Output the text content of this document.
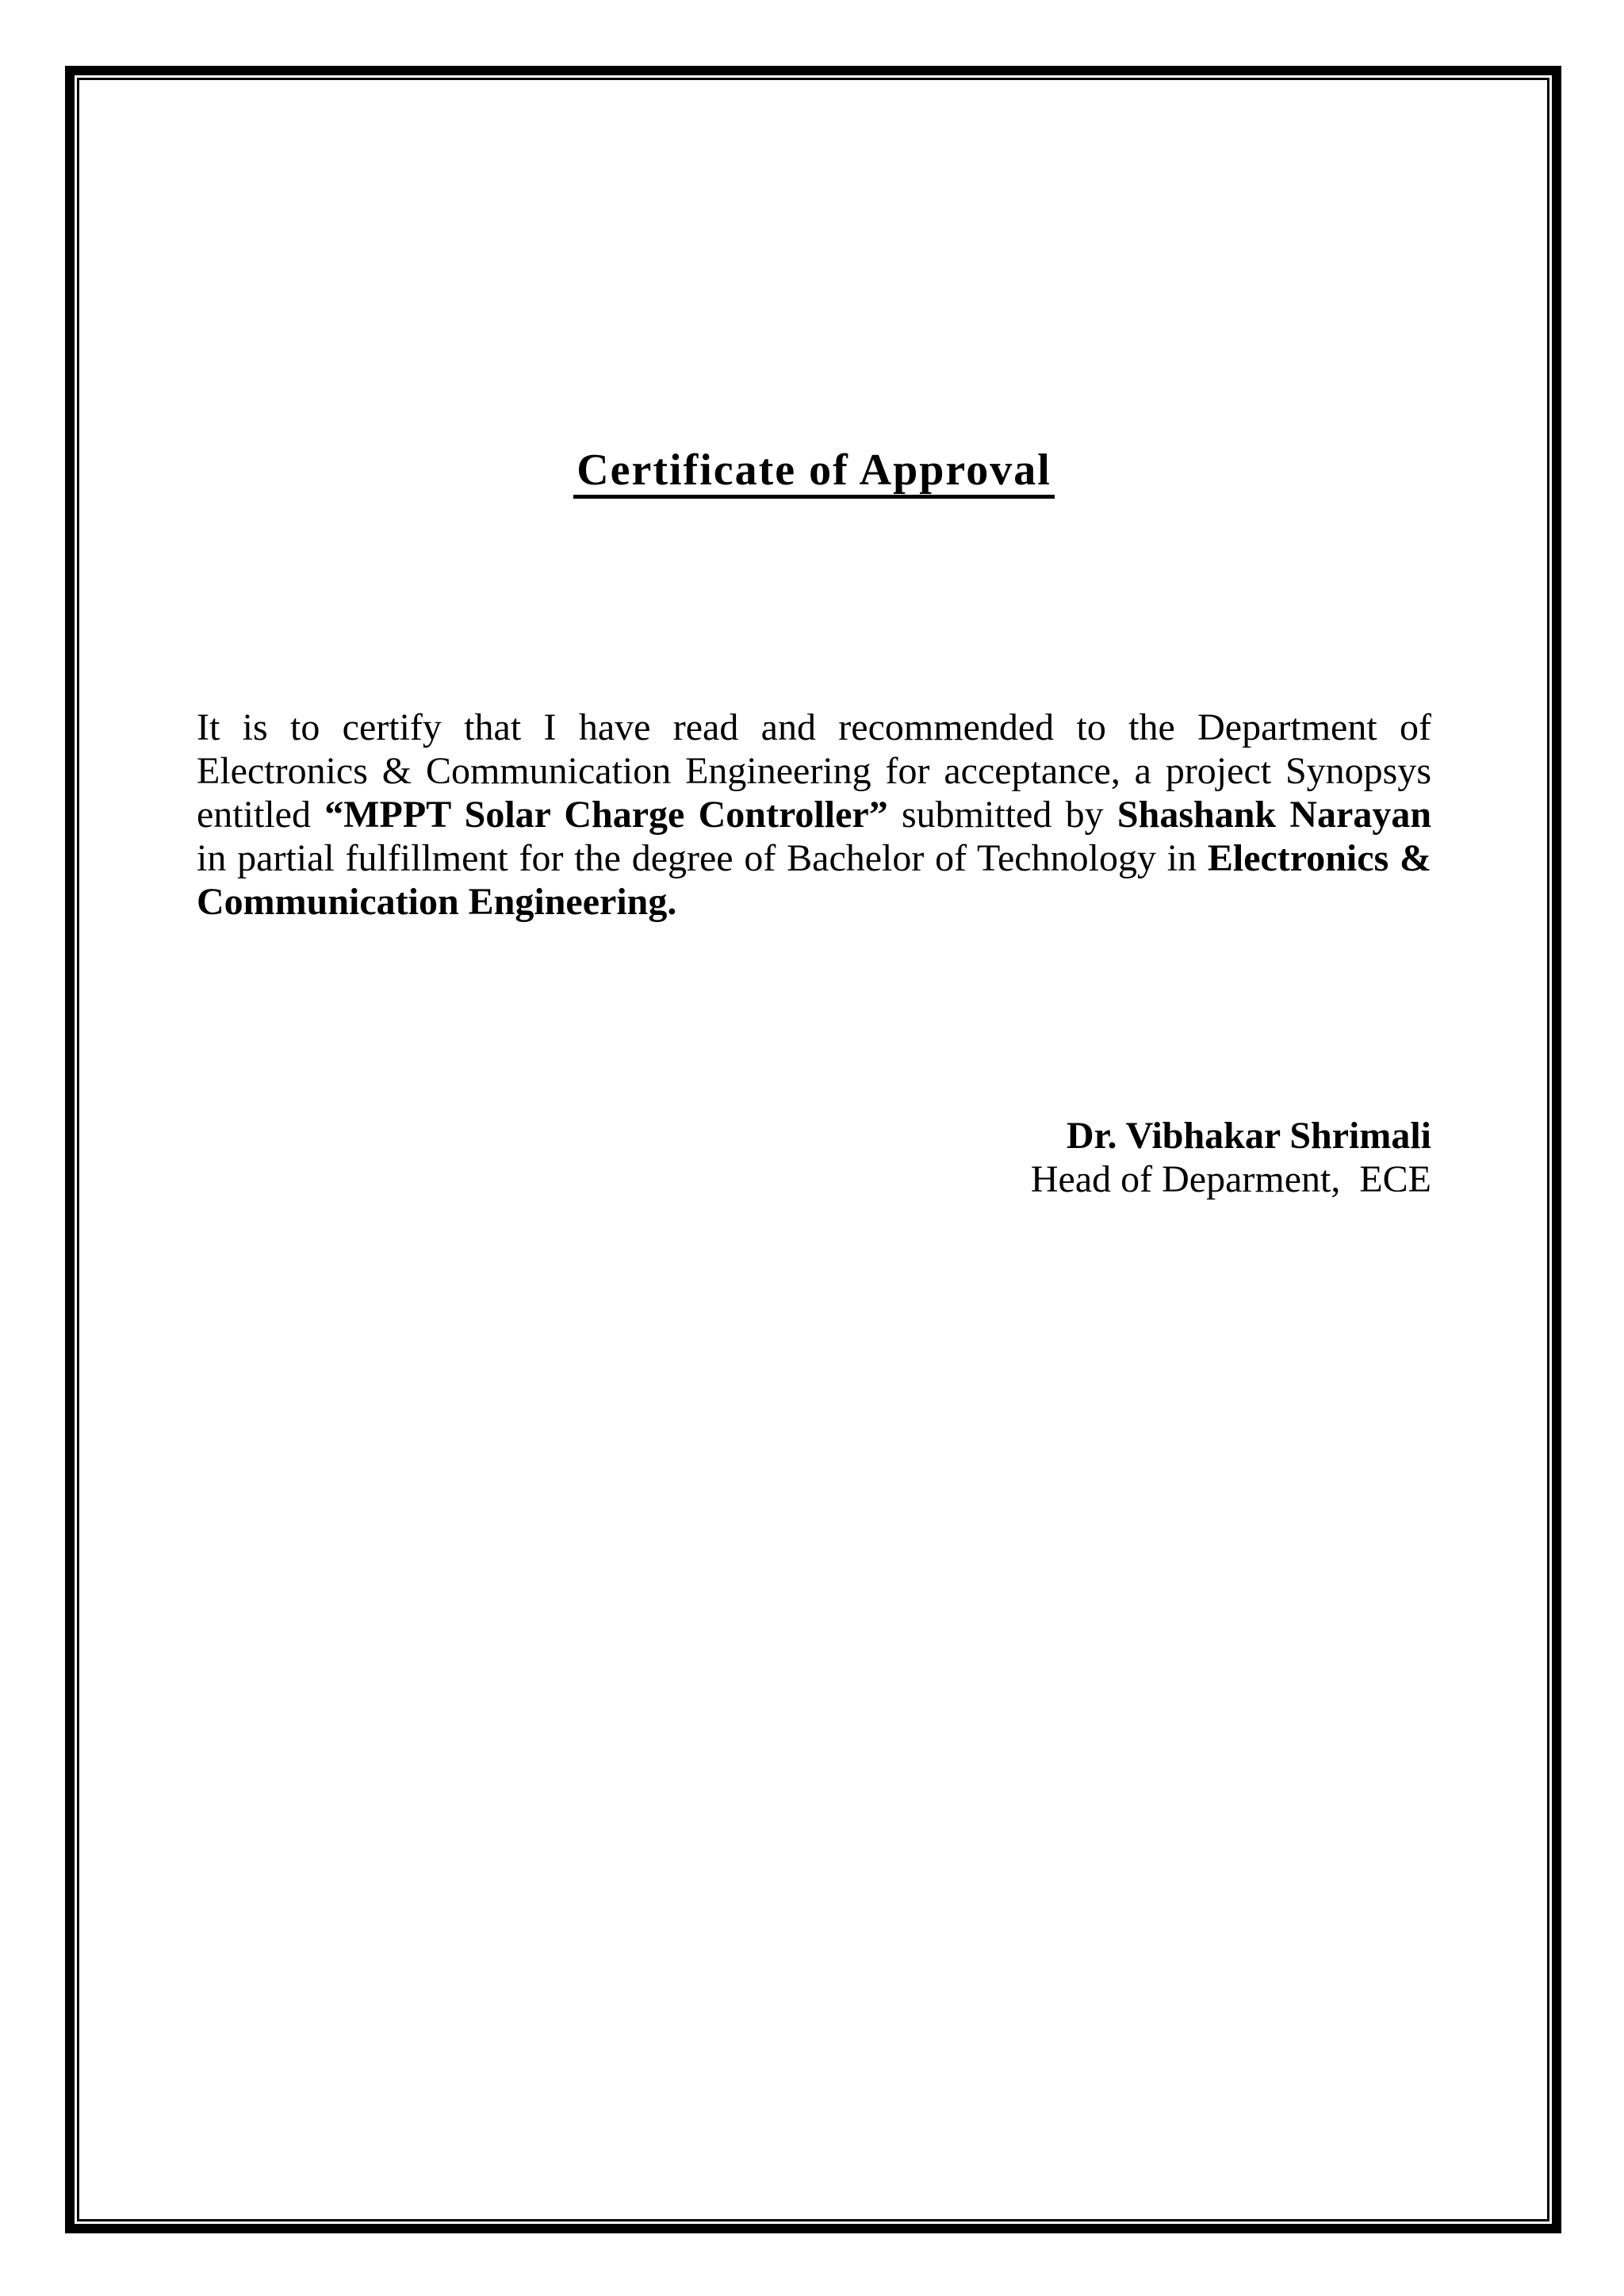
Certificate of Approval
It is to certify that I have read and recommended to the Department of
Electronics & Communication Engineering for acceptance, a project Synopsys
entitled “MPPT Solar Charge Controller” submitted by Shashank Narayan
in partial fulfillment for the degree of Bachelor of Technology in Electronics &
Communication Engineering.
Dr. Vibhakar Shrimali
Head of Deparment,  ECE
